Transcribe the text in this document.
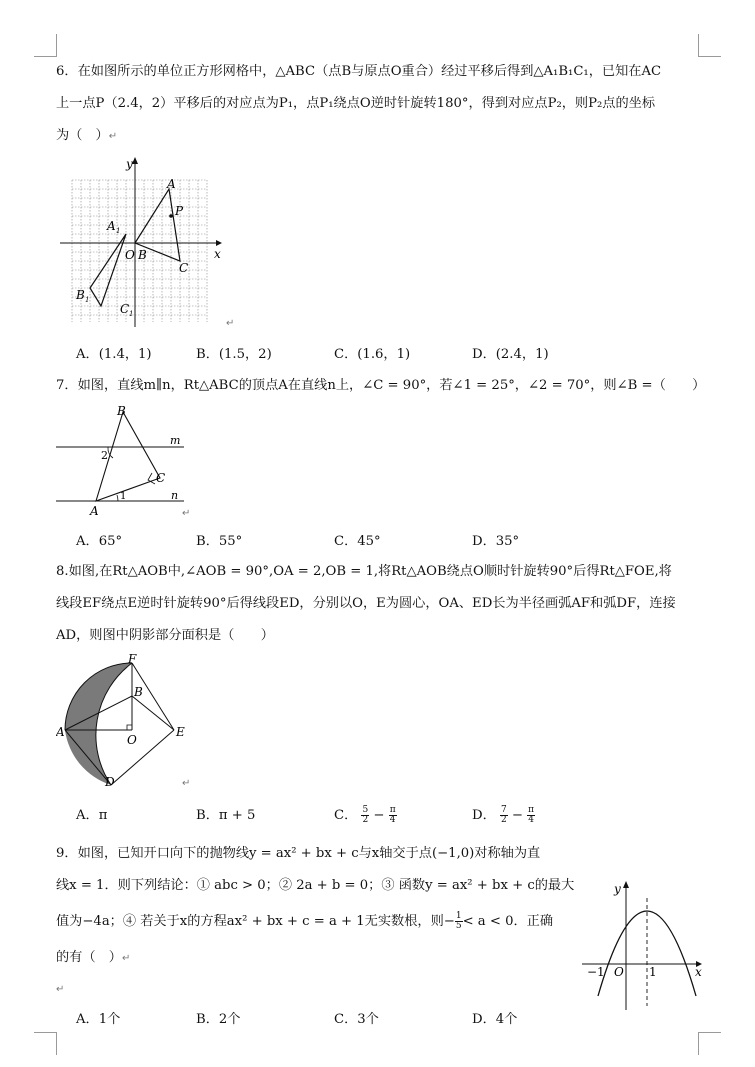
6．在如图所示的单位正方形网格中，△ABC（点B与原点O重合）经过平移后得到△A₁B₁C₁，已知在AC
上一点P（2.4，2）平移后的对应点为P₁，点P₁绕点O逆时针旋转180°，得到对应点P₂，则P₂点的坐标
为（　）↵
y
x
A
P
A 1
O B
C
B 1
C 1
↵
A．(1.4，1)	B．(1.5，2)	C．(1.6，1)	D．(2.4，1)
7．如图，直线m∥n，Rt△ABC的顶点A在直线n上，∠C = 90°，若∠1 = 25°，∠2 = 70°，则∠B =（　　）
B
m
2
C
n
A
1
↵
A．65°	B．55°	C．45°	D．35°
8.如图,在Rt△AOB中,∠AOB = 90°,OA = 2,OB = 1,将Rt△AOB绕点O顺时针旋转90°后得Rt△FOE,将
线段EF绕点E逆时针旋转90°后得线段ED，分别以O，E为圆心，OA、ED长为半径画弧AF和弧DF，连接
AD，则图中阴影部分面积是（　　）
F
B
A
O
E
D	↵
A．π	B．π + 5	C． $\frac{5}{2} - \frac{\pi}{4}$	D． $\frac{7}{2} - \frac{\pi}{4}$
9．如图，已知开口向下的抛物线y = ax² + bx + c与x轴交于点(−1,0)对称轴为直
线x = 1．则下列结论：① abc > 0；② 2a + b = 0；③ 函数y = ax² + bx + c的最大
值为−4a；④ 若关于x的方程ax² + bx + c = a + 1无实数根，则− $\frac{1}{5} < a < 0$．正确
的有（　）↵
↵
y
x
O
−1	1
A．1个	B．2个	C．3个	D．4个
